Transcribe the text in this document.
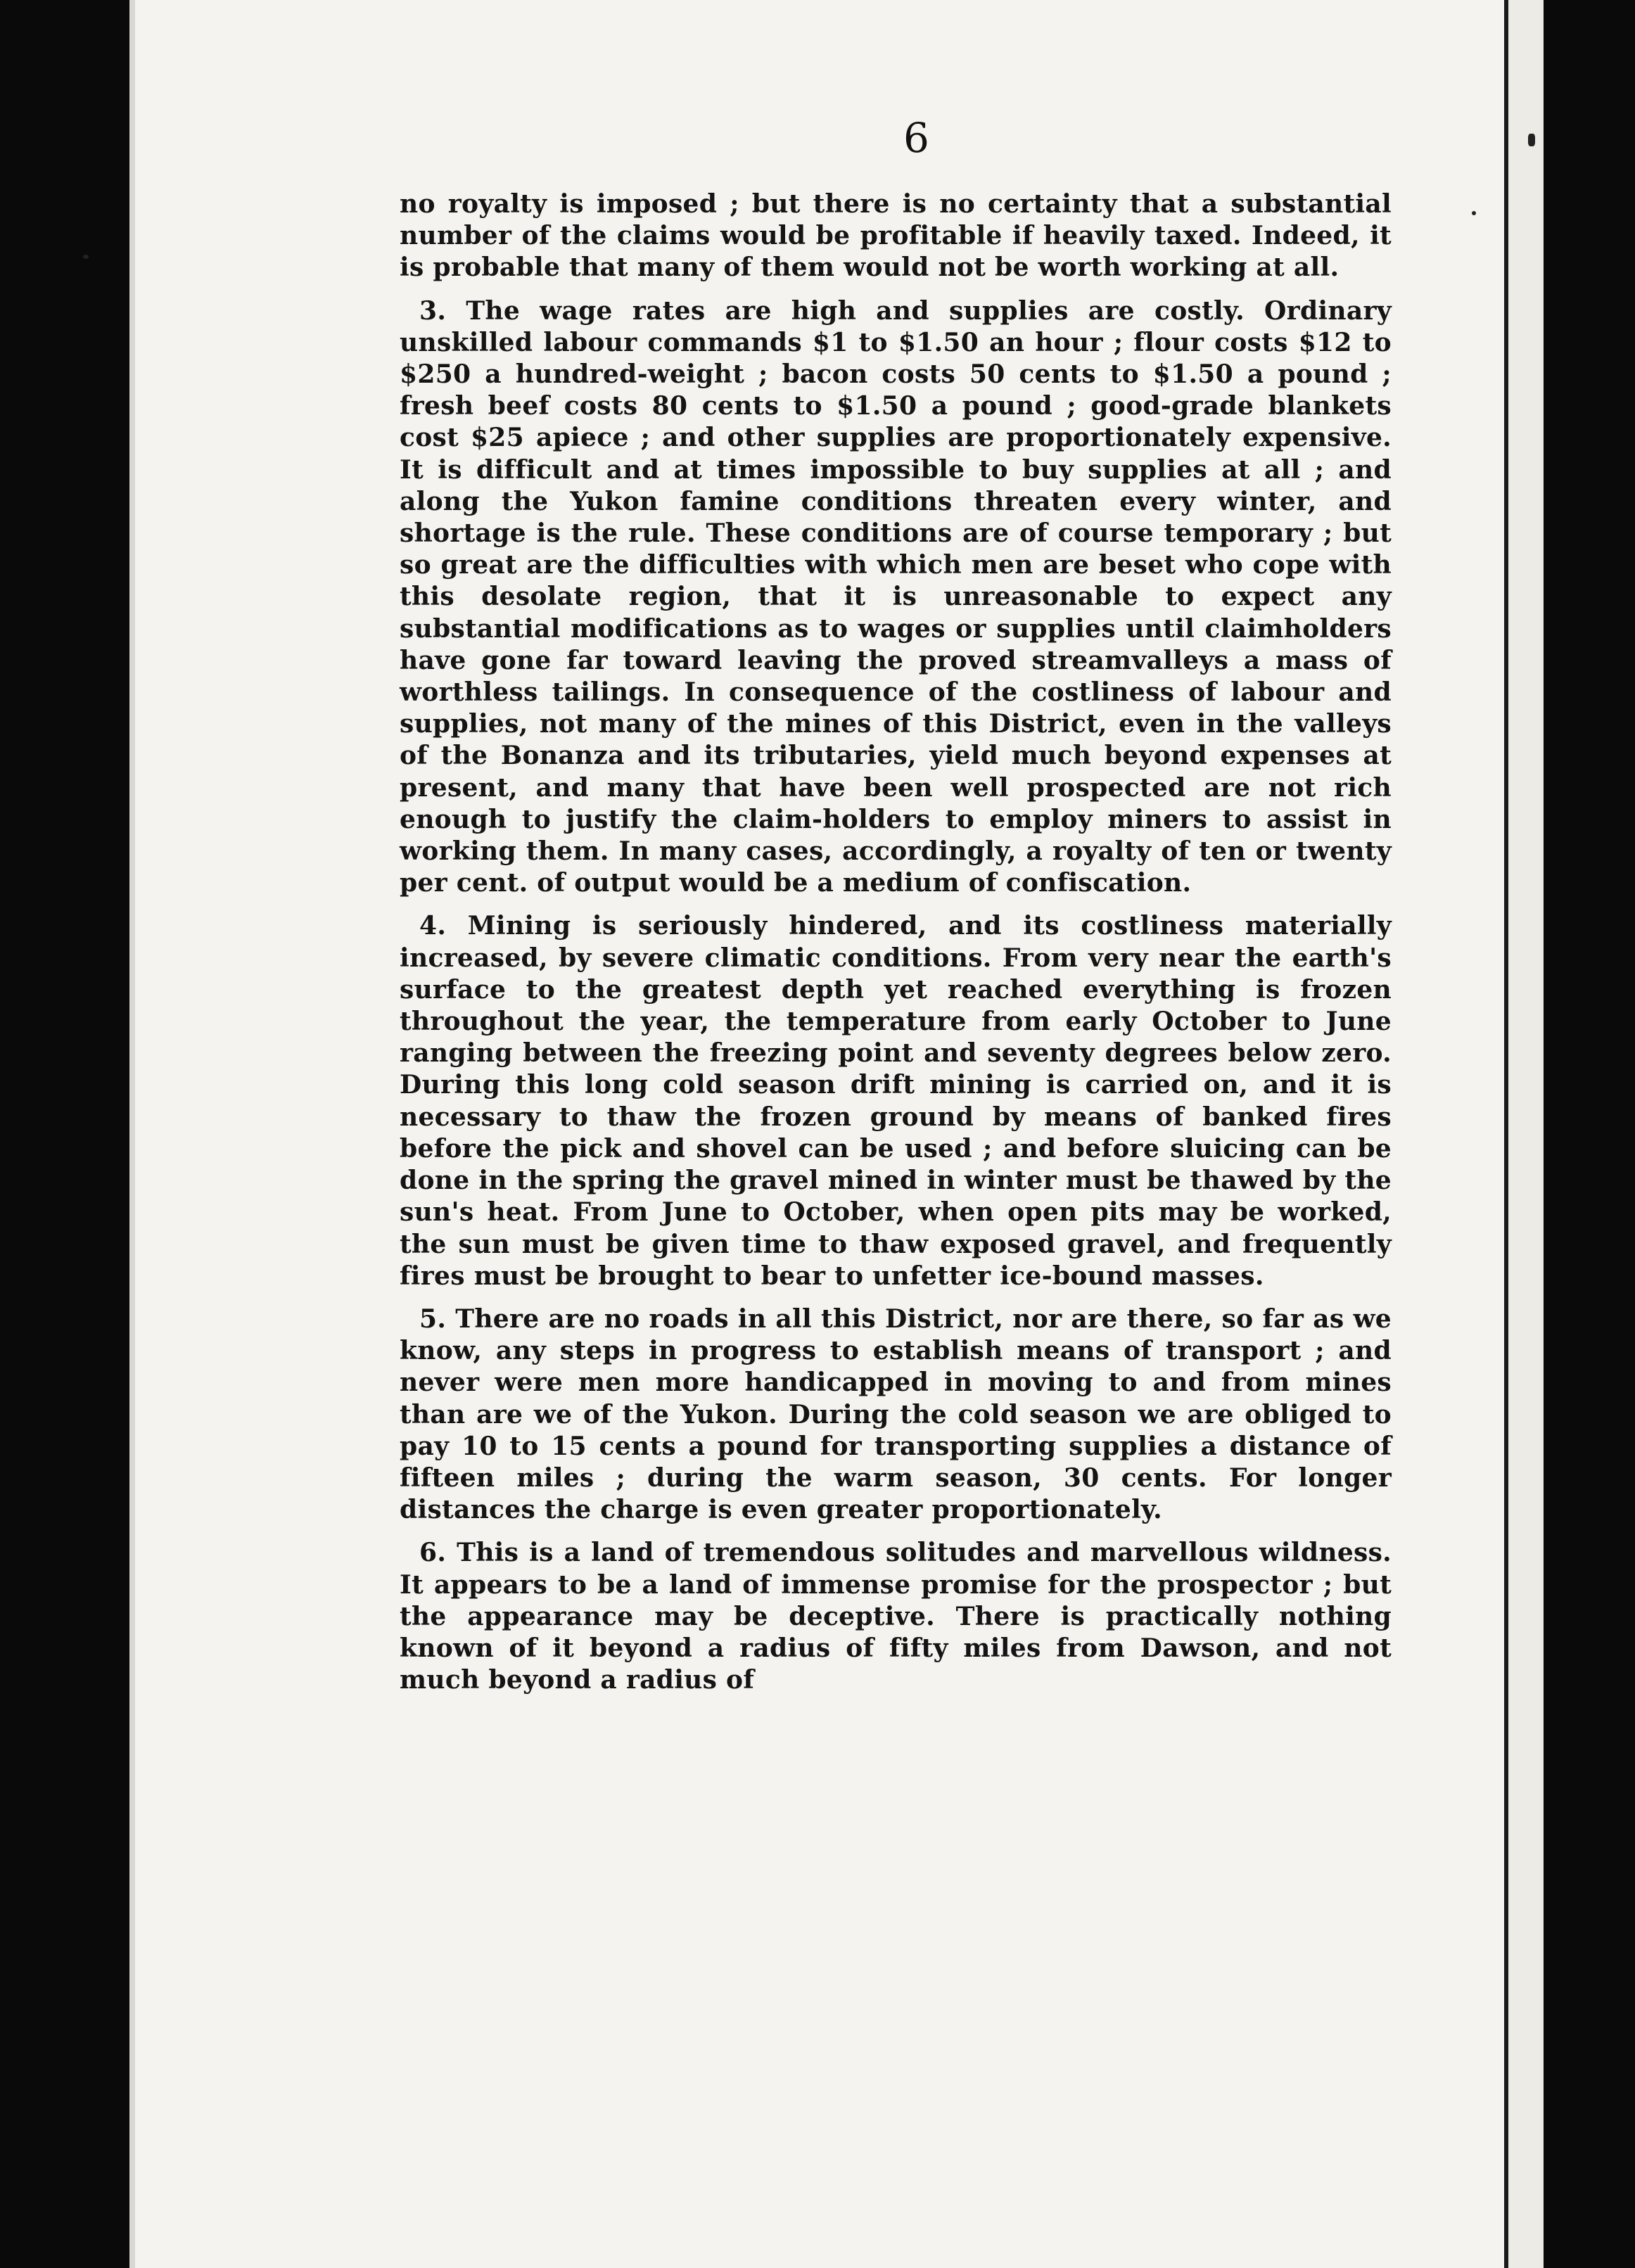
6

no royalty is imposed ; but there is no certainty that a substantial number of the claims would be profitable if heavily taxed. Indeed, it is probable that many of them would not be worth working at all.

3. The wage rates are high and supplies are costly. Ordinary unskilled labour commands $1 to $1.50 an hour ; flour costs $12 to $250 a hundred-weight ; bacon costs 50 cents to $1.50 a pound ; fresh beef costs 80 cents to $1.50 a pound ; good-grade blankets cost $25 apiece ; and other supplies are proportionately expensive. It is difficult and at times impossible to buy supplies at all ; and along the Yukon famine conditions threaten every winter, and shortage is the rule. These conditions are of course temporary ; but so great are the difficulties with which men are beset who cope with this desolate region, that it is unreasonable to expect any substantial modifications as to wages or supplies until claimholders have gone far toward leaving the proved streamvalleys a mass of worthless tailings. In consequence of the costliness of labour and supplies, not many of the mines of this District, even in the valleys of the Bonanza and its tributaries, yield much beyond expenses at present, and many that have been well prospected are not rich enough to justify the claim-holders to employ miners to assist in working them. In many cases, accordingly, a royalty of ten or twenty per cent. of output would be a medium of confiscation.

4. Mining is seriously hindered, and its costliness materially increased, by severe climatic conditions. From very near the earth's surface to the greatest depth yet reached everything is frozen throughout the year, the temperature from early October to June ranging between the freezing point and seventy degrees below zero. During this long cold season drift mining is carried on, and it is necessary to thaw the frozen ground by means of banked fires before the pick and shovel can be used ; and before sluicing can be done in the spring the gravel mined in winter must be thawed by the sun's heat. From June to October, when open pits may be worked, the sun must be given time to thaw exposed gravel, and frequently fires must be brought to bear to unfetter ice-bound masses.

5. There are no roads in all this District, nor are there, so far as we know, any steps in progress to establish means of transport ; and never were men more handicapped in moving to and from mines than are we of the Yukon. During the cold season we are obliged to pay 10 to 15 cents a pound for transporting supplies a distance of fifteen miles ; during the warm season, 30 cents. For longer distances the charge is even greater proportionately.

6. This is a land of tremendous solitudes and marvellous wildness. It appears to be a land of immense promise for the prospector ; but the appearance may be deceptive. There is practically nothing known of it beyond a radius of fifty miles from Dawson, and not much beyond a radius of
